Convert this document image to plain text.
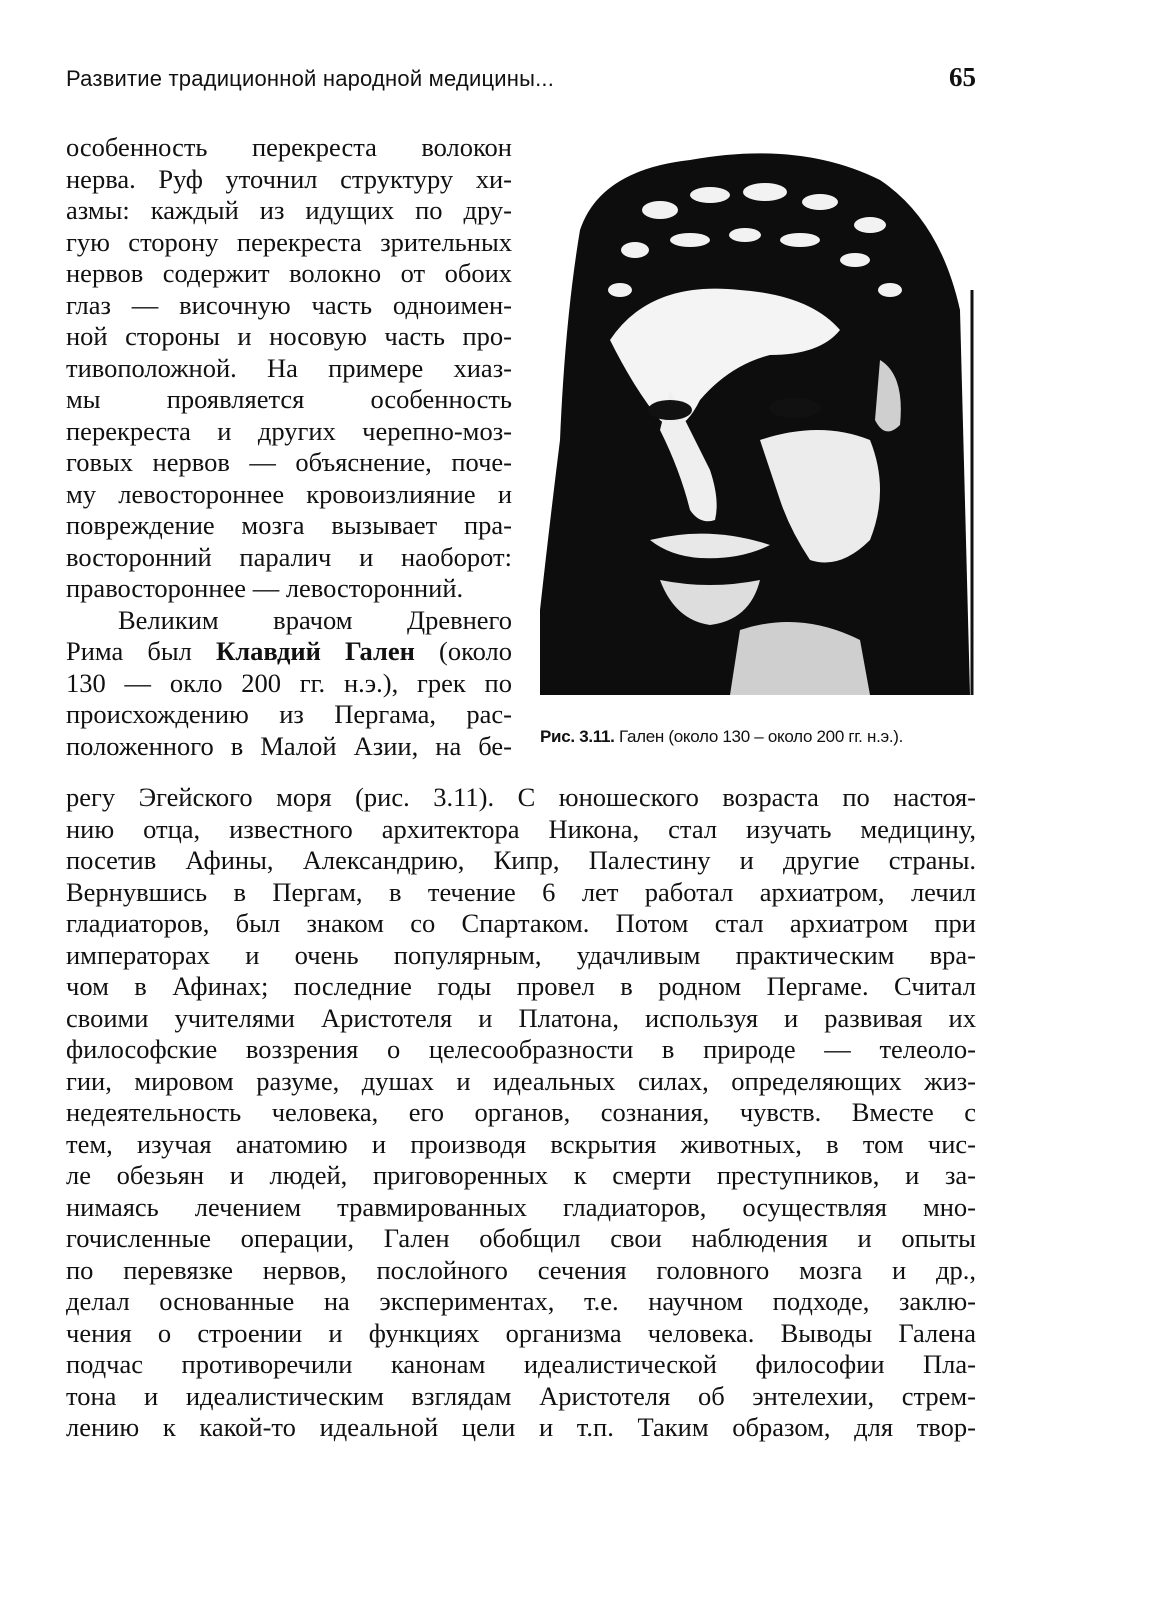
Развитие традиционной народной медицины...	65
особенность перекреста волокон
нерва. Руф уточнил структуру хи-
азмы: каждый из идущих по дру-
гую сторону перекреста зрительных
нервов содержит волокно от обоих
глаз — височную часть одноимен-
ной стороны и носовую часть про-
тивоположной. На примере хиаз-
мы проявляется особенность
перекреста и других черепно-моз-
говых нервов — объяснение, поче-
му левостороннее кровоизлияние и
повреждение мозга вызывает пра-
восторонний паралич и наоборот:
правостороннее — левосторонний.
Великим врачом Древнего
Рима был Клавдий Гален (около
130 — окло 200 гг. н.э.), грек по
происхождению из Пергама, рас-
положенного в Малой Азии, на бе- Рис. 3.11. Гален (около 130 – около 200 гг. н.э.).
регу Эгейского моря (рис. 3.11). С юношеского возраста по настоя-
нию отца, известного архитектора Никона, стал изучать медицину,
посетив Афины, Александрию, Кипр, Палестину и другие страны.
Вернувшись в Пергам, в течение 6 лет работал архиатром, лечил
гладиаторов, был знаком со Спартаком. Потом стал архиатром при
императорах и очень популярным, удачливым практическим вра-
чом в Афинах; последние годы провел в родном Пергаме. Считал
своими учителями Аристотеля и Платона, используя и развивая их
философские воззрения о целесообразности в природе — телеоло-
гии, мировом разуме, душах и идеальных силах, определяющих жиз-
недеятельность человека, его органов, сознания, чувств. Вместе с
тем, изучая анатомию и производя вскрытия животных, в том чис-
ле обезьян и людей, приговоренных к смерти преступников, и за-
нимаясь лечением травмированных гладиаторов, осуществляя мно-
гочисленные операции, Гален обобщил свои наблюдения и опыты
по перевязке нервов, послойного сечения головного мозга и др.,
делал основанные на экспериментах, т.е. научном подходе, заклю-
чения о строении и функциях организма человека. Выводы Галена
подчас противоречили канонам идеалистической философии Пла-
тона и идеалистическим взглядам Аристотеля об энтелехии, стрем-
лению к какой-то идеальной цели и т.п. Таким образом, для твор-
